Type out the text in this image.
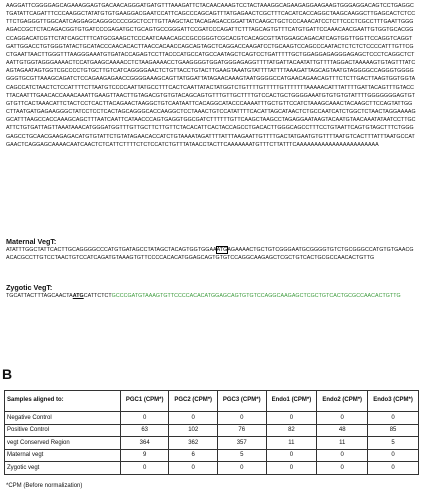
AAGGATTCGGGGAGCAGAAAGGAGTGACAACAGGGATGATGTTTAAAGATTCTACAACAAAGTCCTACTAAAGGCAGAAGAGGAAGAAGTGGGAGGACAGTCCTGAGGCTGATATTCAGATTTCCCAAGGCTATATGTGTGAAGGACGAATCCATTCAGCCCAGCAGTTTATGAGAACTCGCTTTCACATCACCAGGCTAAGCAAGGCTTGAGCACTCTCCTTCTGAGGGTTGGCAATCAGGAGCAGGGCCCCGGCTCCTTGTTAAGCTACTACAGAGACCGGATTATCAAGCTGCTCCCAAACATCCTCTTCCCTCGCCTTTGAATTGGGAGACCGCTCTACAGACGGTGTGATCCCGAGATGCTGCAGTGCCGGGATTCCGATCCCAGATTCTTTAGCAGTGTTTCATGTGATTCCAAACAACGAATTGTGGTGCACGGCCAGGACATCGTTCTATCAGCTTTCATGCGAAGCTCCCAATCAAACAGCCGCCGGGTCGCACGTCACAGCGTTATGGAGCAGACATCAGTGGTTGGTTCCAGGTCAGGTGATTGGACCTGTGGGTATACTGCATACCCAACACACTTAACCACAACCAGCAGTAGCTCAGGACCAAGATCCTGCAAGTCCAGCCCAATACTCTCTCTCCCCATTTGTTCGCTGAATTAACTTGGGTTTAAGGGAAATGTGATACCAGAGTCCTTACCCATGCCATGCCAATAGCTCAGTCCTGATTTTTGCTGGAGGAGAGGGAGAGCTCCCTCAGGCTCTAATTGTGGTAGGGAAAACTCCATGAAGCAAAACCTCTAAGAAAACCTGAAGGGGTGGATGGGAGAGGTTTTATGATTACAATATTGTTTTAGGACTAAAAAGTGTAGTTTATCAGTAGAATAGTGGTCGCCCCTGTGCTTGTCATCAGGGGAACTCTGTTACCTGTACTTGAAGTAAATGTATTTTATTTTAAAGATTAGCAGTAATGTAGGGGCCAGGGTGGGGGGGTGCGTTAAAGCAGATCTCCAGAAGAGAACCGGGGAAAGCAGTTATGGATTATAGAACAAAGTAATGGGGCCATGAACAGAACAGTTTCTCTTGACTTAAGTGGTGGTACAGCCATCTAACTCTCCATTTTCTTAATGTCCCCAATTATGCCTTTCACTCAATTATACTATGGTCTGTTTTGTTTTTGTTTTTTTAAAAACATTTATTTTGATTACAGTTTGTACCTTACAATTTGAACACCAAACAAATTGAAGTTAACTTGTAGACGTGTGTACAGCAGTGTTTGTTGCTTTTGTCCACTGCTGGGGAAATGTGTGTGTATTTTGGGGGGGAGTGTGTGTTCACTAAACATTCTACTCCTCACTTACAGAACTAAGGCTGTCAATAATTCACAGGCATACCCAAAATTTGCTGTTCCATCTAAAGCAAACTACAAGCTTCCAGTATTGGCTTAATGATGAGAAGGGCTATCCTCCTCACTAGCAGGGCACCAAGGCTCCTAAACTGTCCATATTTTCACATTAGCATAACTCTGCCAATCATCTGGCTCTAACTAGGAAAAGGCATTTAAGCCACCAAAGCAGCTTTAATCAATTCATAACCCAGTGAGGTGGCGATCTTTTTTGTTCAAGCTAAGCCTAGAGGAATAAGTACAATGTAACAAATATAATCCTTGCATTCTGTGATTAGTTAAATAAACATGGGATGGTTTGTTGCTTCTTGTTCTACACATTCACTACCAGCCTGACACTTGGGCAGCCTTTCCTGTAATTCAGTGTAGCTTTCTGGGGAGCCTGCAACGAAGAGACATGTGTATTCTGTATAGAACACCATCTGTAAAATAGATTTTATTTAAGAATTGTTTTGACTATGAATGTGTTTTAATGTCACTTTATTTAATGCCATGAACTCAGGAGCAAAACAATCAACTCTCATTCTTTTCTCTCCATCTGTTTATAACCTACTTCAAAAAAATGTTTCTTATTTCAAAAAAAAAAAAAAAAAAAAAAA
Maternal VegT:
ATATTTGGCTATTCACTTGCAGGGGCCCATGTGATAGCCTATAGCTACAGTGGTGGAAATGAGAAAACTGCTGTCGGGAATGCGGGGTGTCTGCGGGCCATGTGTGAACGACACGCCTTGTCCTAACTGTCCATCAGATGTAAAGTGTTCCCCACACATGGAGCAGTGTGTCCAGGCAAGAGCTCGCTGTCACTGCGCCAACACTGTTG
Zygotic VegT:
TGCATTACTTTAGCAACTAATGCATTCTCTGCCCGATGTAAAGTGTTCCCCACACATGGAGCAGTGTGTCCAGGCAAGAGCTCGCTGTCACTGCGCCAACACTGTTG
B
Samples aligned to:	PGC1 (CPM*)	PGC2 (CPM*)	PGC3 (CPM*)	Endo1 (CPM*)	Endo2 (CPM*)	Endo3 (CPM*)
Negative Control	0	0	0	0	0	0
Positive Control	63	102	76	82	48	85
vegt Conserved Region	364	362	357	11	11	5
Maternal vegt	9	6	5	0	0	0
Zygotic vegt	0	0	0	0	0	0
*CPM (Before normalization)
